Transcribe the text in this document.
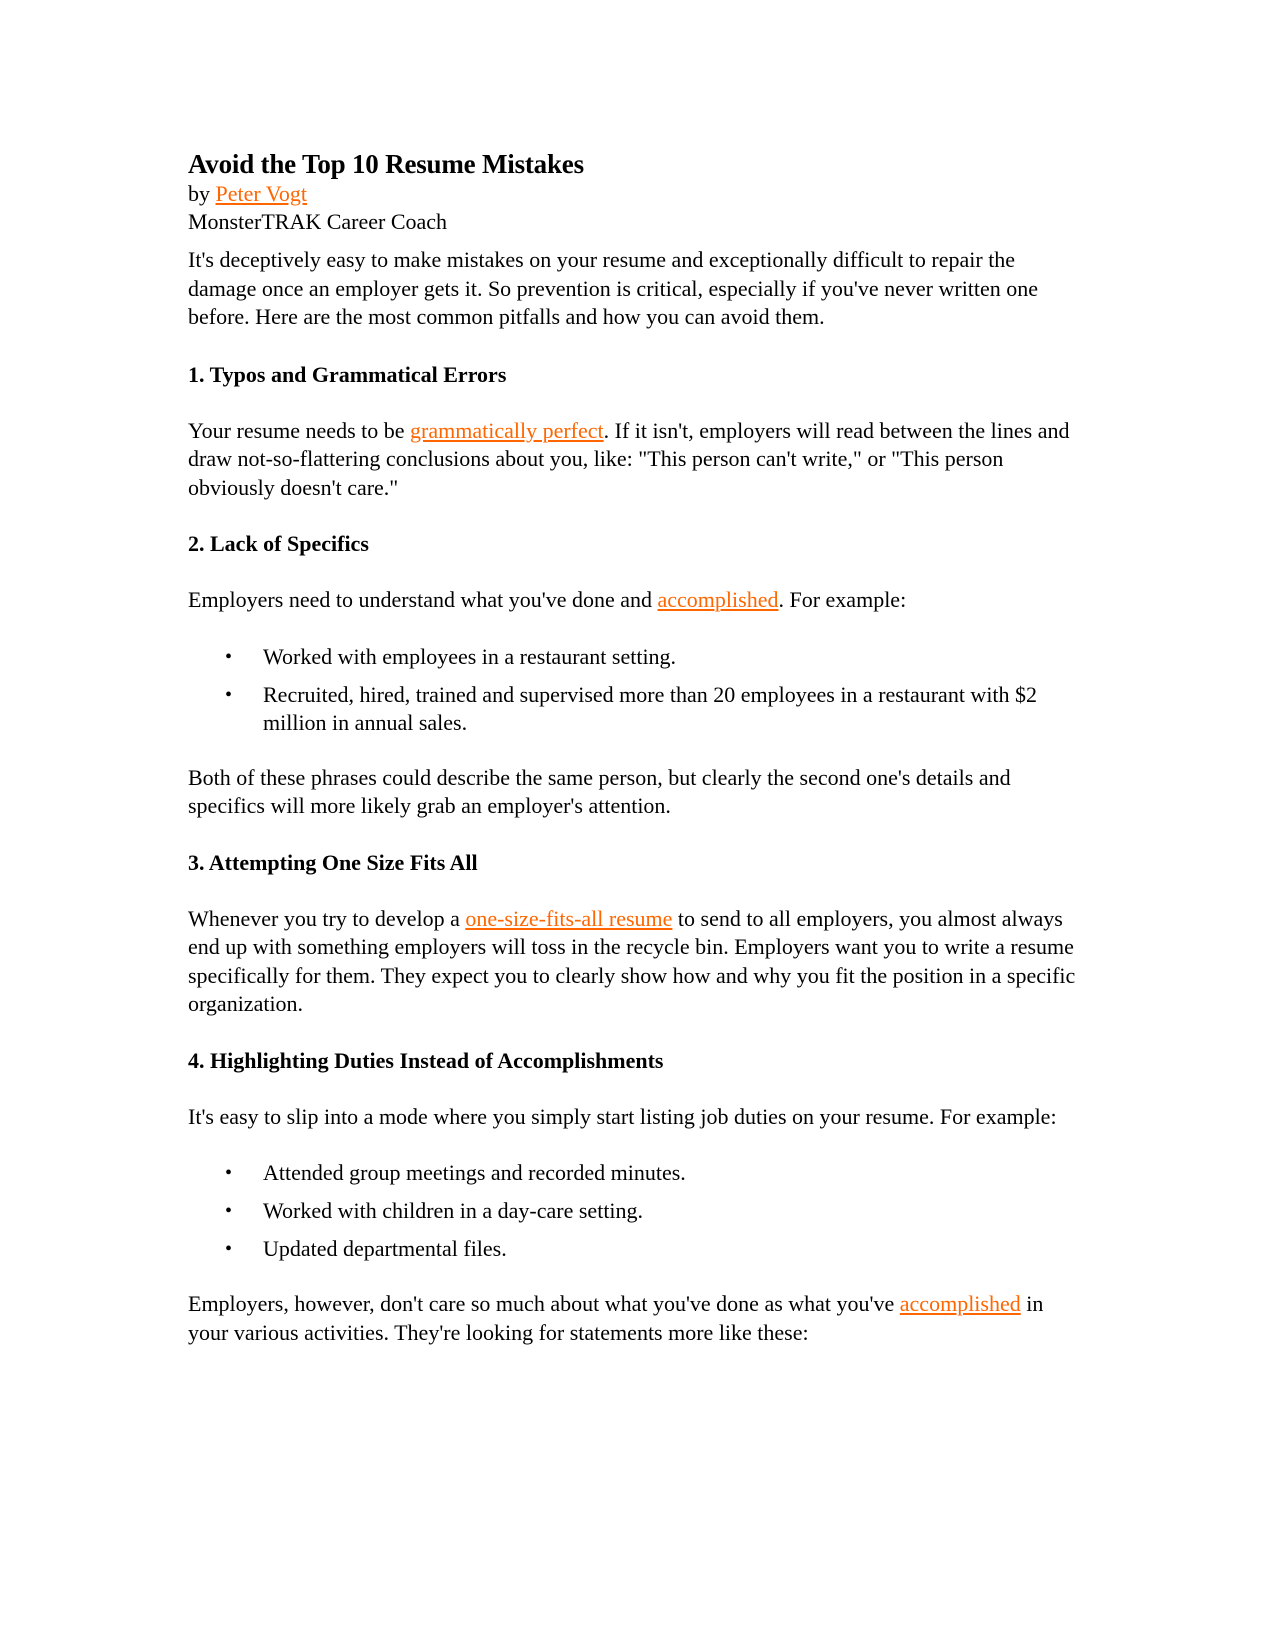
Avoid the Top 10 Resume Mistakes
by Peter Vogt
MonsterTRAK Career Coach

It's deceptively easy to make mistakes on your resume and exceptionally difficult to repair the damage once an employer gets it. So prevention is critical, especially if you've never written one before. Here are the most common pitfalls and how you can avoid them.

1. Typos and Grammatical Errors

Your resume needs to be grammatically perfect. If it isn't, employers will read between the lines and draw not-so-flattering conclusions about you, like: "This person can't write," or "This person obviously doesn't care."

2. Lack of Specifics

Employers need to understand what you've done and accomplished. For example:

• Worked with employees in a restaurant setting.
• Recruited, hired, trained and supervised more than 20 employees in a restaurant with $2 million in annual sales.

Both of these phrases could describe the same person, but clearly the second one's details and specifics will more likely grab an employer's attention.

3. Attempting One Size Fits All

Whenever you try to develop a one-size-fits-all resume to send to all employers, you almost always end up with something employers will toss in the recycle bin. Employers want you to write a resume specifically for them. They expect you to clearly show how and why you fit the position in a specific organization.

4. Highlighting Duties Instead of Accomplishments

It's easy to slip into a mode where you simply start listing job duties on your resume. For example:

• Attended group meetings and recorded minutes.
• Worked with children in a day-care setting.
• Updated departmental files.

Employers, however, don't care so much about what you've done as what you've accomplished in your various activities. They're looking for statements more like these:
